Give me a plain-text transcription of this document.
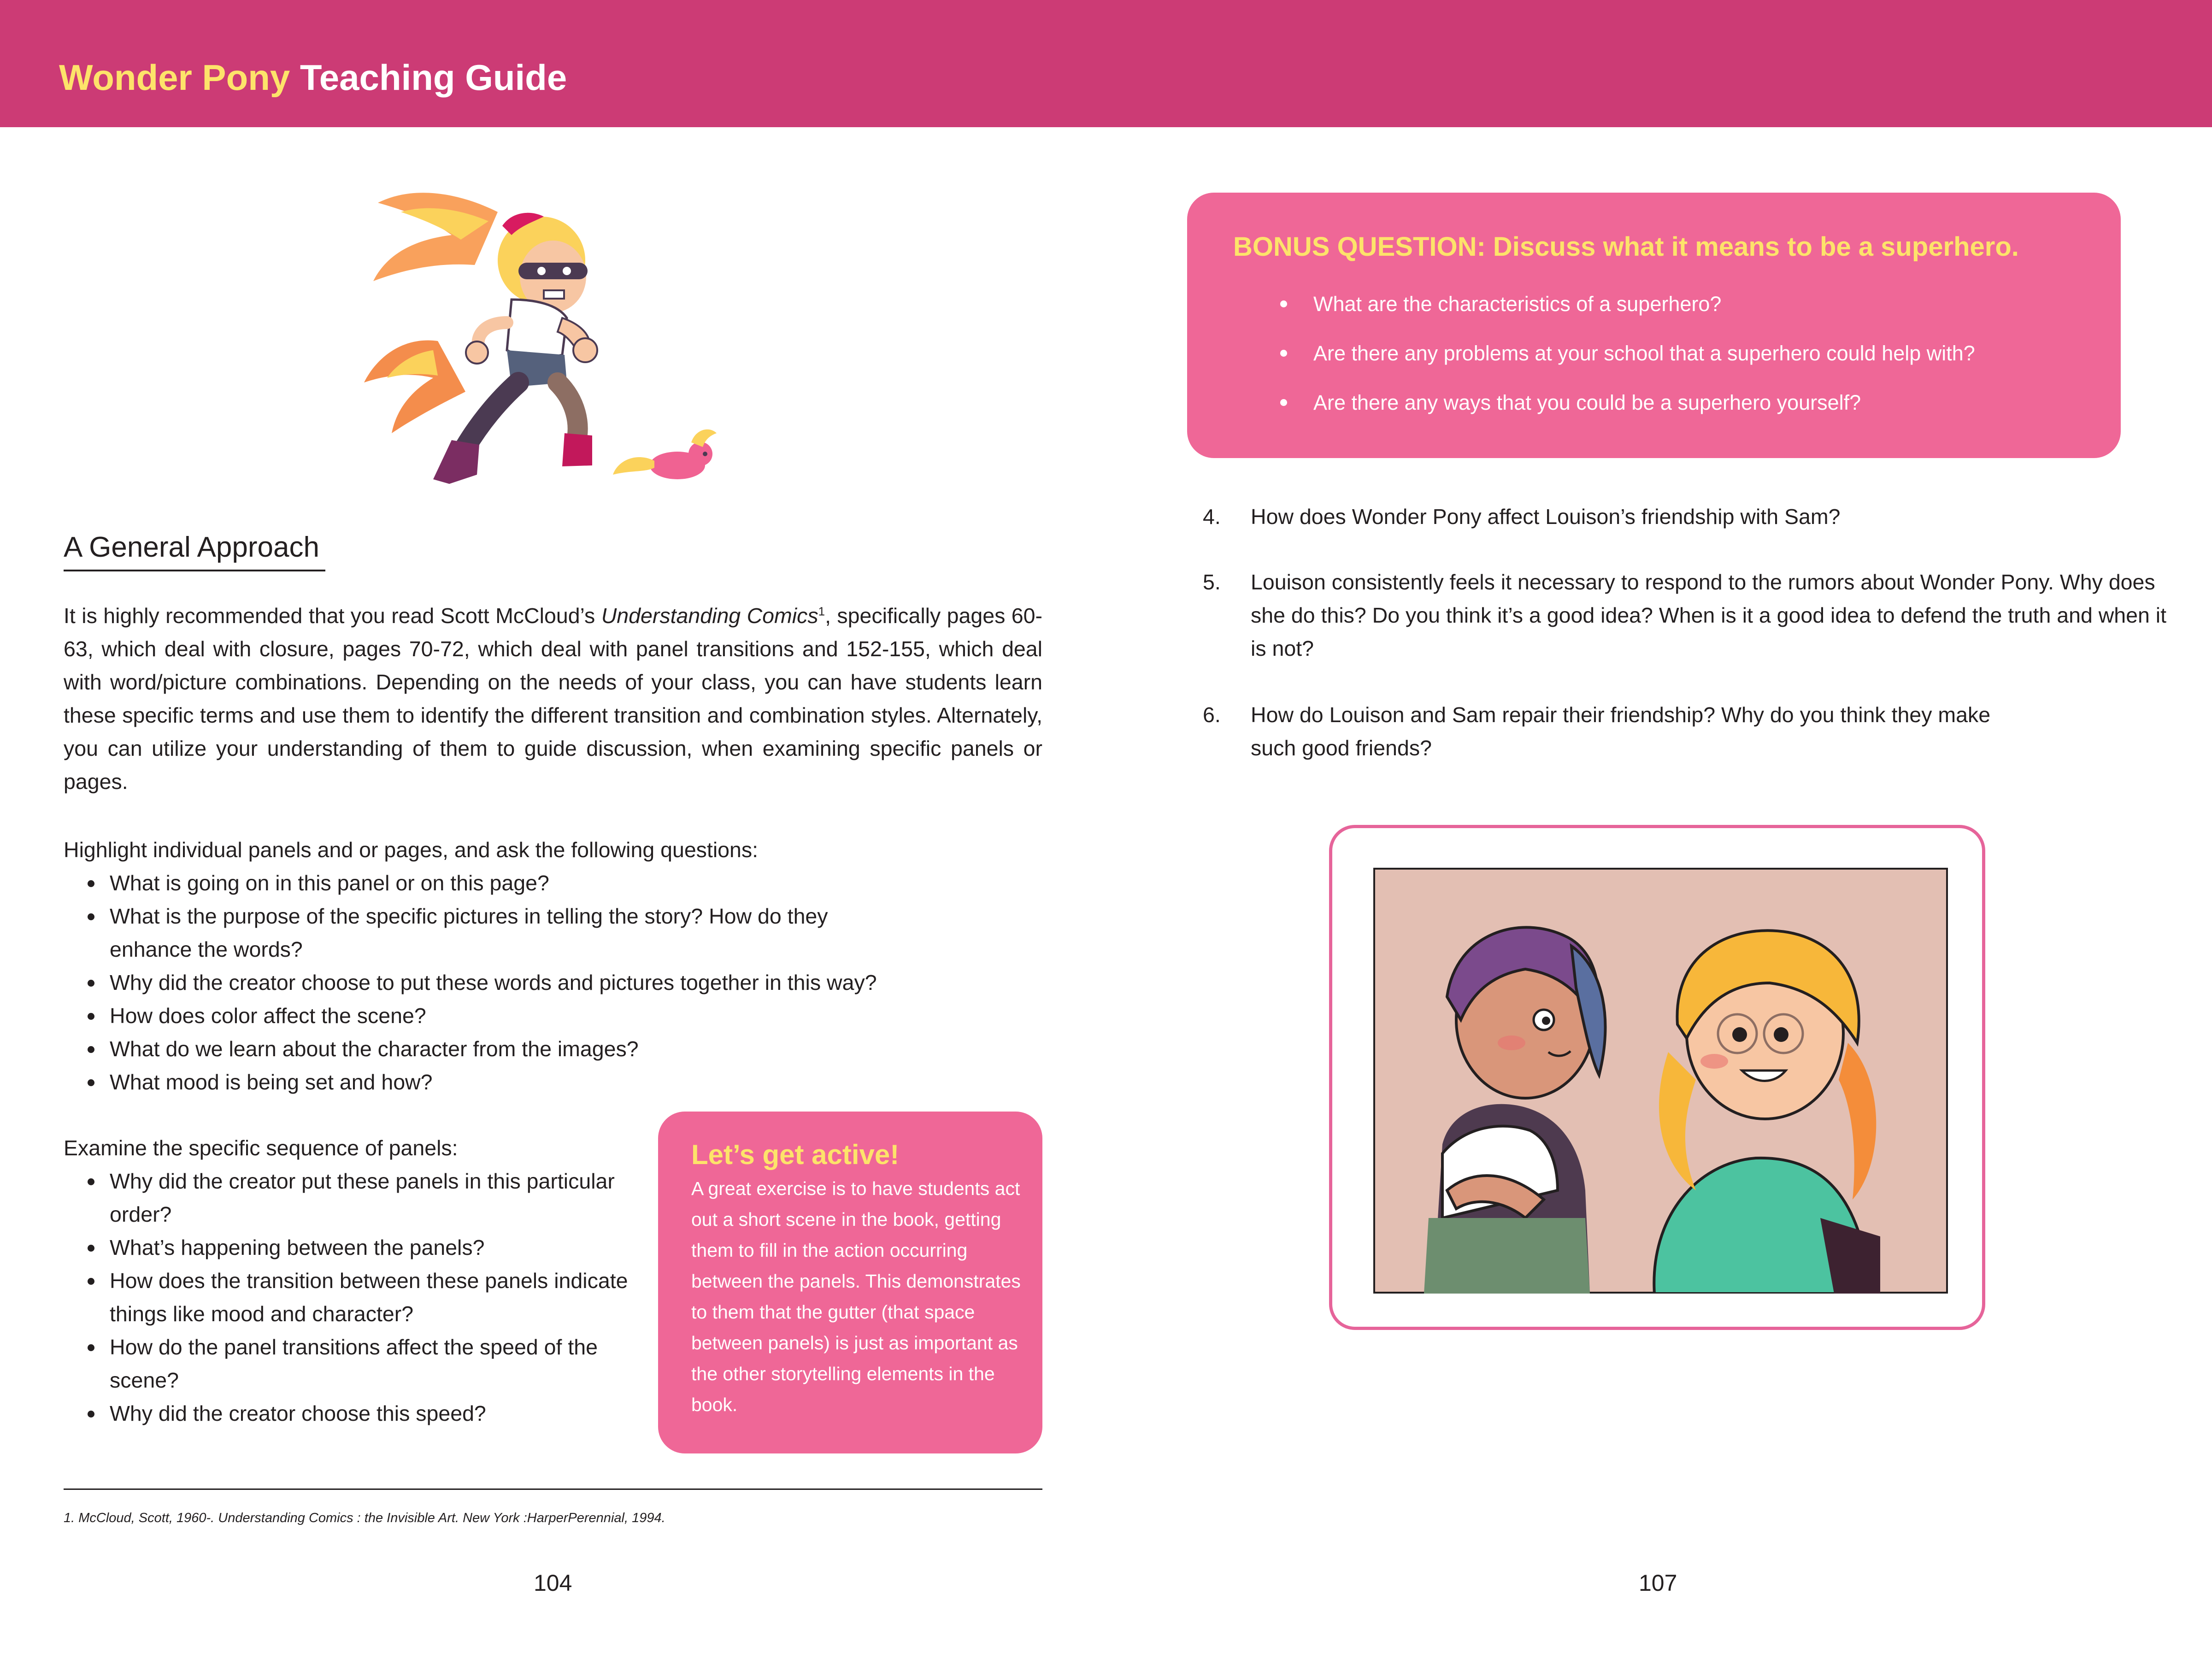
Wonder Pony Teaching Guide
A General Approach
It is highly recommended that you read Scott McCloud’s Understanding Comics$^1$, specifically pages 60-63, which deal with closure, pages 70-72, which deal with panel transitions and 152-155, which deal with word/picture combinations. Depending on the needs of your class, you can have students learn these specific terms and use them to identify the different transition and combination styles. Alternately, you can utilize your understanding of them to guide discussion, when examining specific panels or pages.
Highlight individual panels and or pages, and ask the following questions:
What is going on in this panel or on this page?
What is the purpose of the specific pictures in telling the story? How do they enhance the words?
Why did the creator choose to put these words and pictures together in this way?
How does color affect the scene?
What do we learn about the character from the images?
What mood is being set and how?
Examine the specific sequence of panels:
Why did the creator put these panels in this particular order?
What’s happening between the panels?
How does the transition between these panels indicate things like mood and character?
How do the panel transitions affect the speed of the scene?
Why did the creator choose this speed?
Let’s get active!
A great exercise is to have students act out a short scene in the book, getting them to fill in the action occurring between the panels. This demonstrates to them that the gutter (that space between panels) is just as important as the other storytelling elements in the book.
1. McCloud, Scott, 1960-. Understanding Comics : the Invisible Art. New York :HarperPerennial, 1994.
104
BONUS QUESTION: Discuss what it means to be a superhero.
What are the characteristics of a superhero?
Are there any problems at your school that a superhero could help with?
Are there any ways that you could be a superhero yourself?
4. How does Wonder Pony affect Louison’s friendship with Sam?
5. Louison consistently feels it necessary to respond to the rumors about Wonder Pony. Why does she do this? Do you think it’s a good idea? When is it a good idea to defend the truth and when it is not?
6. How do Louison and Sam repair their friendship? Why do you think they make such good friends?
107
